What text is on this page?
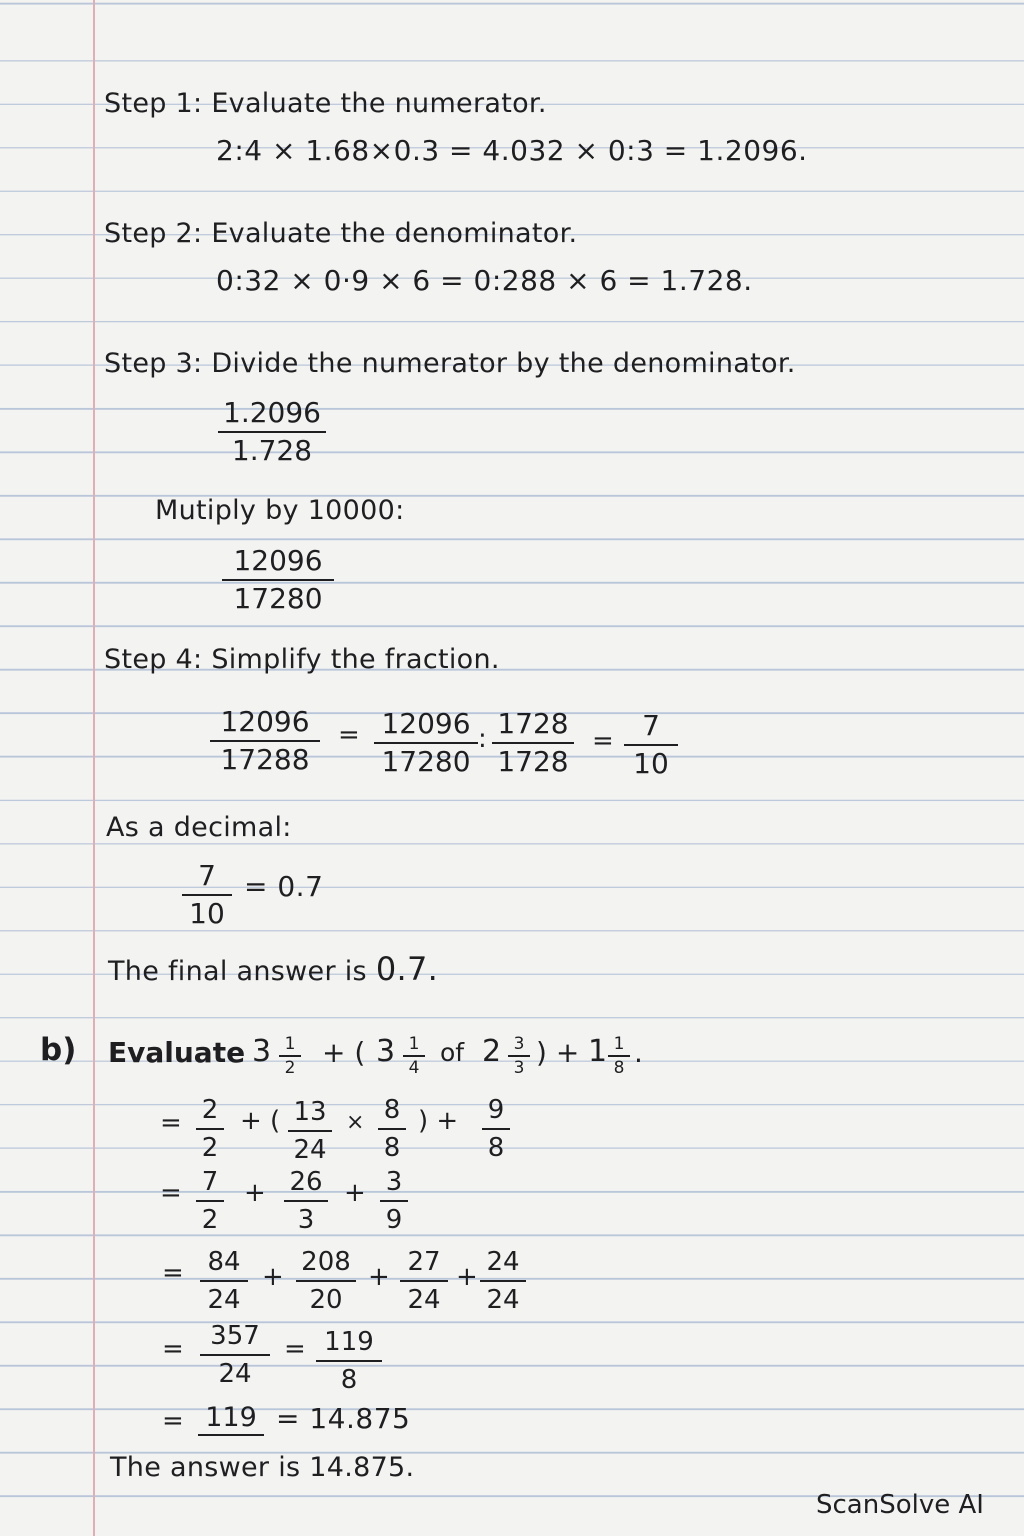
Step 1: Evaluate the numerator.
2:4 × 1.68×0.3 = 4.032 × 0:3 = 1.2096.
Step 2: Evaluate the denominator.
0:32 × 0·9 × 6 = 0:288 × 6 = 1.728.
Step 3: Divide the numerator by the denominator.
1.2096
1.728
Mutiply by 10000:
12096
17280
Step 4: Simplify the fraction.
12096
17288
= 12096
17280
: 1728
1728
=	7
10
As a decimal:
7
10
= 0.7
The final answer is 0.7.
b) Evaluate 3 1
2 + ( 3 1
4
of 2 3
3 ) + 1 1
8 .
= 2
2
+ ( 13
24
× 8
8
) + 9
8
= 7
2
+ 26
3
+ 3
9
= 84
24
+ 208
20
+ 27
24
+ 24
24
=	357
24
= 119
8
= 119 = 14.875
The answer is 14.875.
ScanSolve AI
